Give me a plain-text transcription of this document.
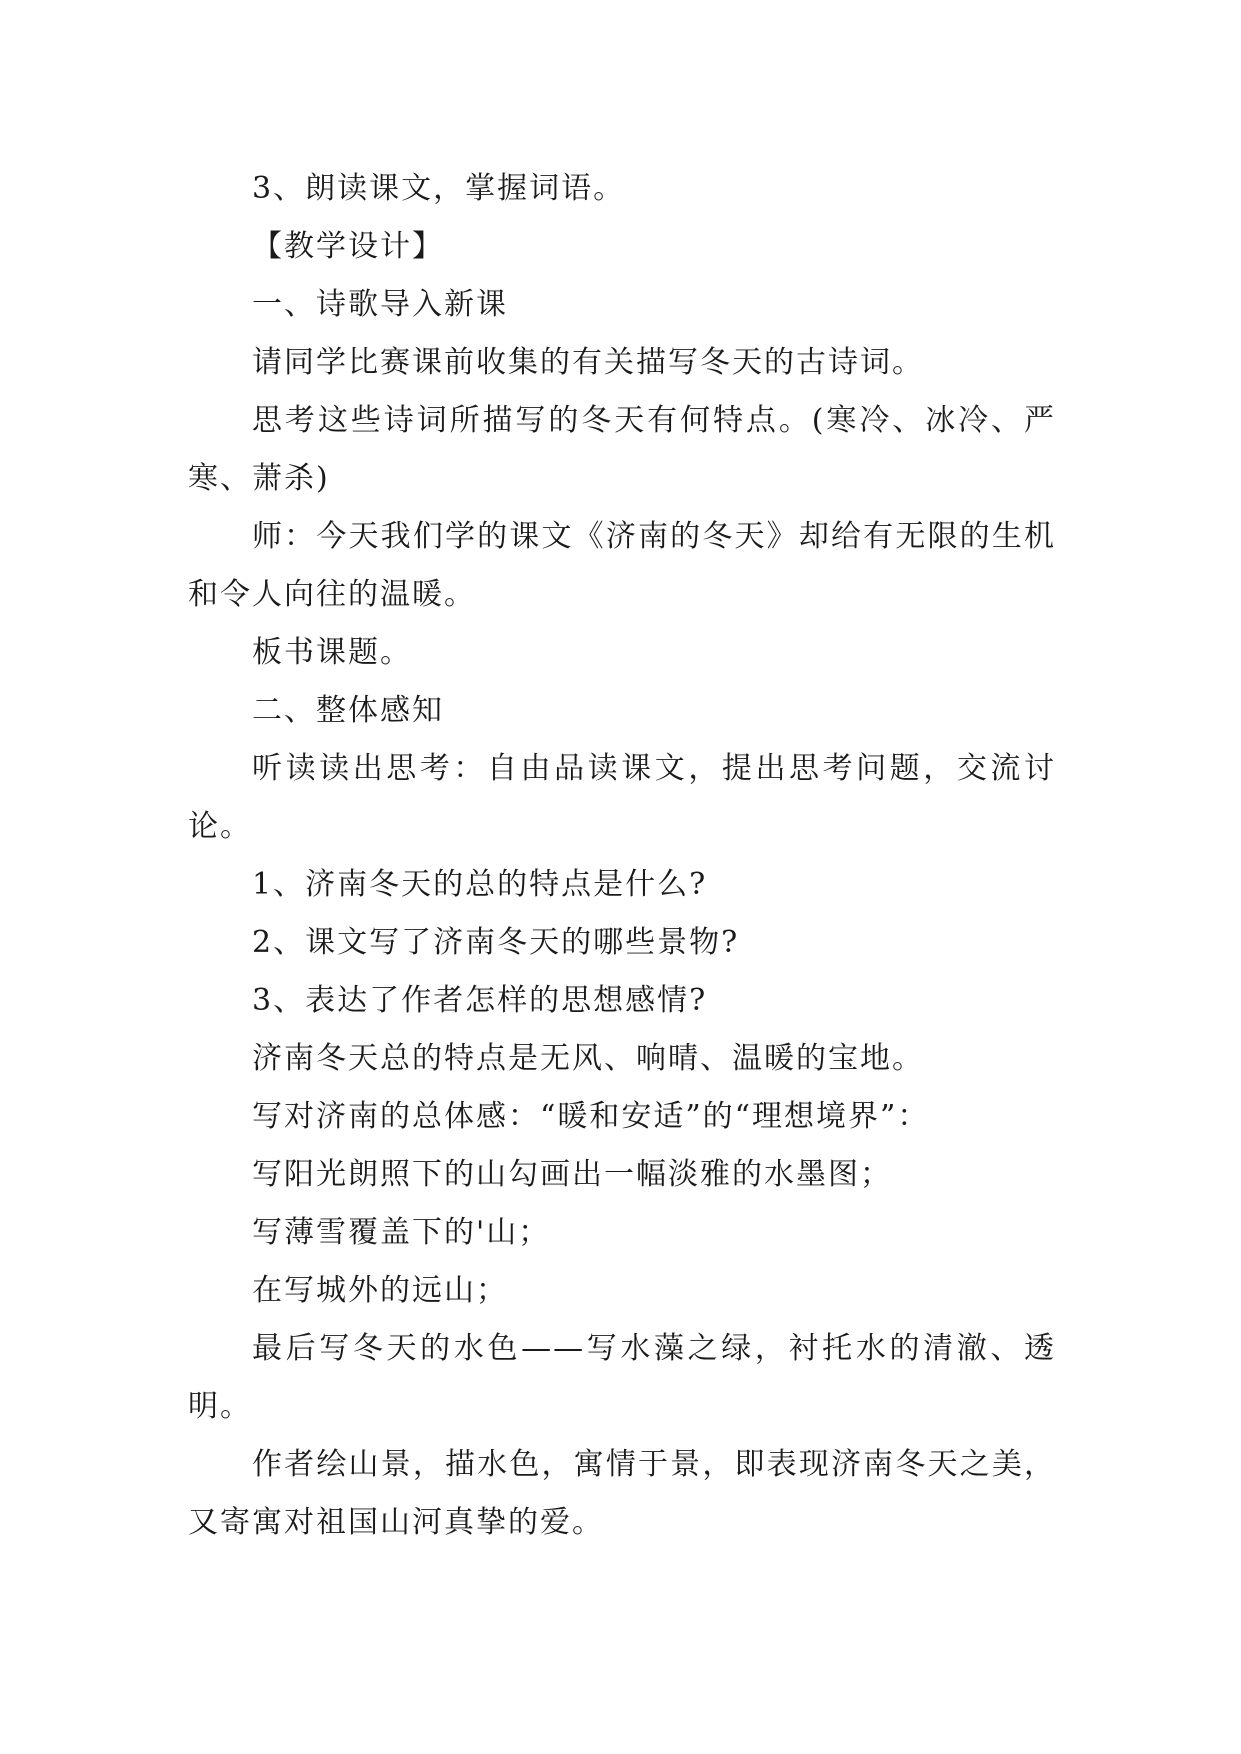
3、朗读课文，掌握词语。

【教学设计】

一、诗歌导入新课

请同学比赛课前收集的有关描写冬天的古诗词。

思考这些诗词所描写的冬天有何特点。(寒冷、冰冷、严寒、萧杀)

师：今天我们学的课文《济南的冬天》却给有无限的生机和令人向往的温暖。

板书课题。

二、整体感知

听读读出思考：自由品读课文，提出思考问题，交流讨论。

1、济南冬天的总的特点是什么?

2、课文写了济南冬天的哪些景物?

3、表达了作者怎样的思想感情?

济南冬天总的特点是无风、响晴、温暖的宝地。

写对济南的总体感：“暖和安适”的“理想境界”：

写阳光朗照下的山勾画出一幅淡雅的水墨图；

写薄雪覆盖下的'山；

在写城外的远山；

最后写冬天的水色——写水藻之绿，衬托水的清澈、透明。

作者绘山景，描水色，寓情于景，即表现济南冬天之美，又寄寓对祖国山河真挚的爱。
